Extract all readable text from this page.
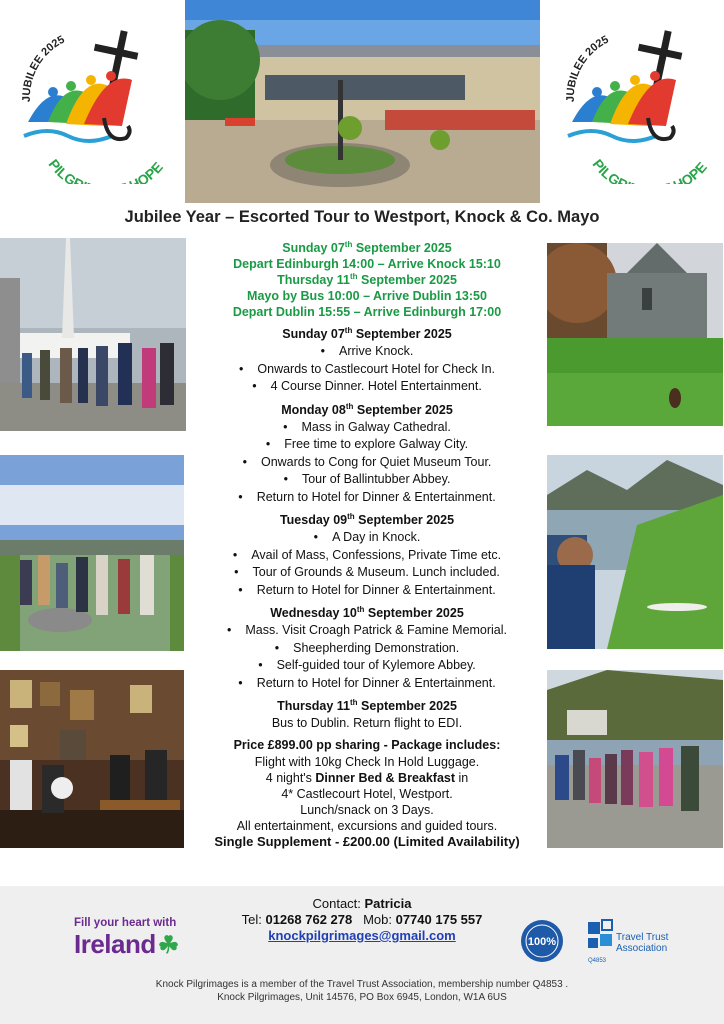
JUBILEE 2025
PILGR OPE
JUBILEE 2025
PILGR OPE
Jubilee Year – Escorted Tour to Westport, Knock & Co. Mayo
Sunday 07th September 2025
Depart Edinburgh 14:00 – Arrive Knock 15:10
Thursday 11th September 2025
Mayo by Bus 10:00 – Arrive Dublin 13:50
Depart Dublin 15:55 – Arrive Edinburgh 17:00
Sunday 07th September 2025
• Arrive Knock.
• Onwards to Castlecourt Hotel for Check In.
• 4 Course Dinner. Hotel Entertainment.
Monday 08th September 2025
• Mass in Galway Cathedral.
• Free time to explore Galway City.
• Onwards to Cong for Quiet Museum Tour.
• Tour of Ballintubber Abbey.
• Return to Hotel for Dinner & Entertainment.
Tuesday 09th September 2025
• A Day in Knock.
• Avail of Mass, Confessions, Private Time etc.
• Tour of Grounds & Museum. Lunch included.
• Return to Hotel for Dinner & Entertainment.
Wednesday 10th September 2025
• Mass. Visit Croagh Patrick & Famine Memorial.
• Sheepherding Demonstration.
• Self-guided tour of Kylemore Abbey.
• Return to Hotel for Dinner & Entertainment.
Thursday 11th September 2025
Bus to Dublin. Return flight to EDI.
Price £899.00 pp sharing - Package includes:
Flight with 10kg Check In Hold Luggage.
4 night's Dinner Bed & Breakfast in
4* Castlecourt Hotel, Westport.
Lunch/snack on 3 Days.
All entertainment, excursions and guided tours.
Single Supplement - £200.00 (Limited Availability)
Contact: Patricia
Tel: 01268 762 278   Mob: 07740 175 557
knockpilgrimages@gmail.com
Fill your heart with
Ireland☘	100%	Travel Trust
Association
Q4853
Knock Pilgrimages is a member of the Travel Trust Association, membership number Q4853 .
Knock Pilgrimages, Unit 14576, PO Box 6945, London, W1A 6US
